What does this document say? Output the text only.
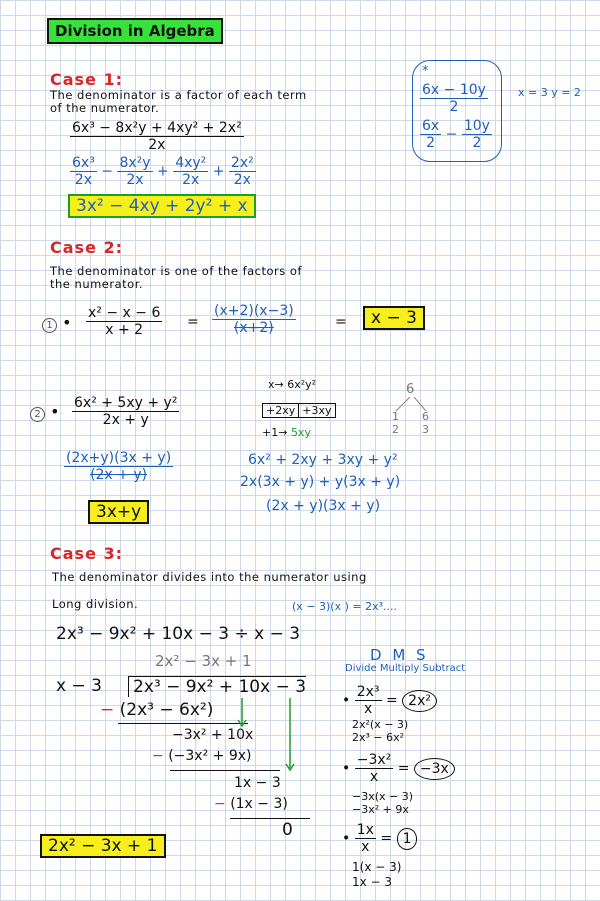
Division in Algebra
Case 1:
The denominator is a factor of each term
of the numerator.
$\frac{\text{6x³ − 8x²y + 4xy² + 2x²}}{2x}$
$\frac{\text{6x³}}{2x} - \frac{\text{8x²y}}{2x} + \frac{\text{4xy²}}{2x} + \frac{\text{2x²}}{2x}$
3x² − 4xy + 2y² + x
*
$\frac{6x - 10y}{2}$
$\frac{6x}{2} - \frac{10y}{2}$
x = 3 y = 2
Case 2:
The denominator is one of the factors of
the numerator.
1 • $\frac{\text{x² − x − 6}}{x + 2} = \frac{(x+2)(x-3)}{(x+2)}$	=	x − 3
2 • $\frac{\text{6x² + 5xy + y²}}{2x + y}$
$\frac{(2x+y)(3x + y)}{(2x + y)}$
3x+y
x→ 6x²y²
+2xy +3xy
+1→ 5xy
6
1 6
2 3
6x² + 2xy + 3xy + y²
2x(3x + y) + y(3x + y)
(2x + y)(3x + y)
Case 3:
The denominator divides into the numerator using
Long division.	(x − 3)(x ) = 2x³....
2x³ − 9x² + 10x − 3 ÷ x − 3
2x² − 3x + 1
x − 3 2x³ − 9x² + 10x − 3
− (2x³ − 6x²)
−3x² + 10x
− (−3x² + 9x)
1x − 3
− (1x − 3)
0
2x² − 3x + 1
D M S
Divide Multiply Subtract
• $\frac{\text{2x³}}{x} = 2x^2$
2x²(x − 3)
2x³ − 6x²
• $\frac{\text{−3x²}}{x} = -3x$
−3x(x − 3)
−3x² + 9x
• $\frac{1x}{x} = 1$
1(x − 3)
1x − 3
